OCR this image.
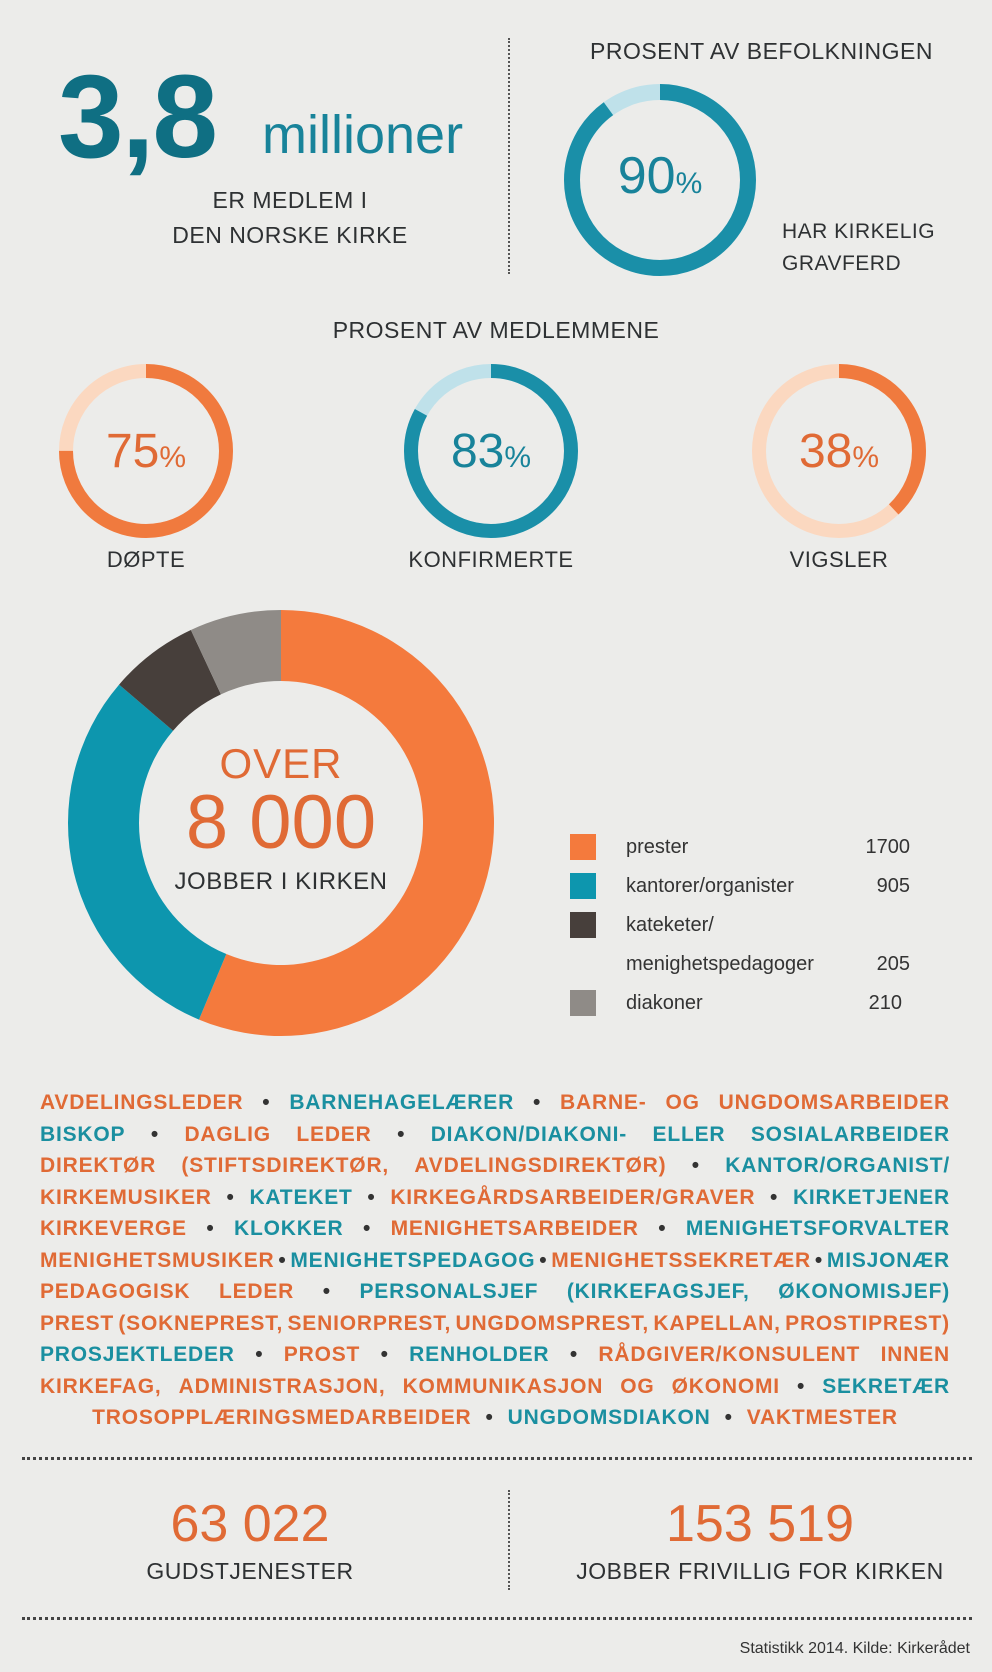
3,8 millioner
ER MEDLEM I
DEN NORSKE KIRKE
PROSENT AV BEFOLKNINGEN
90%
HAR KIRKELIG
GRAVFERD
PROSENT AV MEDLEMMENE
75%	83%	38%
DØPTE	KONFIRMERTE	VIGSLER
OVER
8 000
JOBBER I KIRKEN
prester	1700
kantorer/organister	905
kateketer/
menighetspedagoger	205
diakoner	210
AVDELINGSLEDER • BARNEHAGELÆRER • BARNE- OG UNGDOMSARBEIDER
BISKOP • DAGLIG LEDER • DIAKON/DIAKONI- ELLER SOSIALARBEIDER
DIREKTØR (STIFTSDIREKTØR, AVDELINGSDIREKTØR) • KANTOR/ORGANIST/
KIRKEMUSIKER • KATEKET • KIRKEGÅRDSARBEIDER/GRAVER • KIRKETJENER
KIRKEVERGE • KLOKKER • MENIGHETSARBEIDER • MENIGHETSFORVALTER
MENIGHETSMUSIKER • MENIGHETSPEDAGOG • MENIGHETSSEKRETÆR • MISJONÆR
PEDAGOGISK LEDER • PERSONALSJEF (KIRKEFAGSJEF, ØKONOMISJEF)
PREST (SOKNEPREST, SENIORPREST, UNGDOMSPREST, KAPELLAN, PROSTIPREST)
PROSJEKTLEDER • PROST • RENHOLDER • RÅDGIVER/KONSULENT INNEN
KIRKEFAG, ADMINISTRASJON, KOMMUNIKASJON OG ØKONOMI • SEKRETÆR
TROSOPPLÆRINGSMEDARBEIDER • UNGDOMSDIAKON • VAKTMESTER
63 022
GUDSTJENESTER
153 519
JOBBER FRIVILLIG FOR KIRKEN
Statistikk 2014. Kilde: Kirkerådet
